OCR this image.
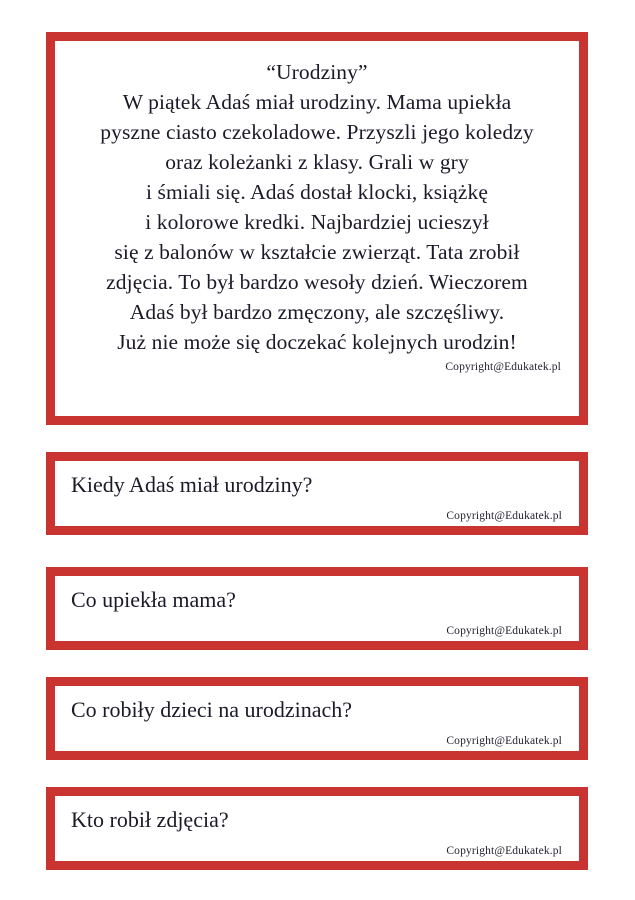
“Urodziny”
W piątek Adaś miał urodziny. Mama upiekła
pyszne ciasto czekoladowe. Przyszli jego koledzy
oraz koleżanki z klasy. Grali w gry
i śmiali się. Adaś dostał klocki, książkę
i kolorowe kredki. Najbardziej ucieszył
się z balonów w kształcie zwierząt. Tata zrobił
zdjęcia. To był bardzo wesoły dzień. Wieczorem
Adaś był bardzo zmęczony, ale szczęśliwy.
Już nie może się doczekać kolejnych urodzin!
Copyright@Edukatek.pl
Kiedy Adaś miał urodziny?
Copyright@Edukatek.pl
Co upiekła mama?
Copyright@Edukatek.pl
Co robiły dzieci na urodzinach?
Copyright@Edukatek.pl
Kto robił zdjęcia?
Copyright@Edukatek.pl
